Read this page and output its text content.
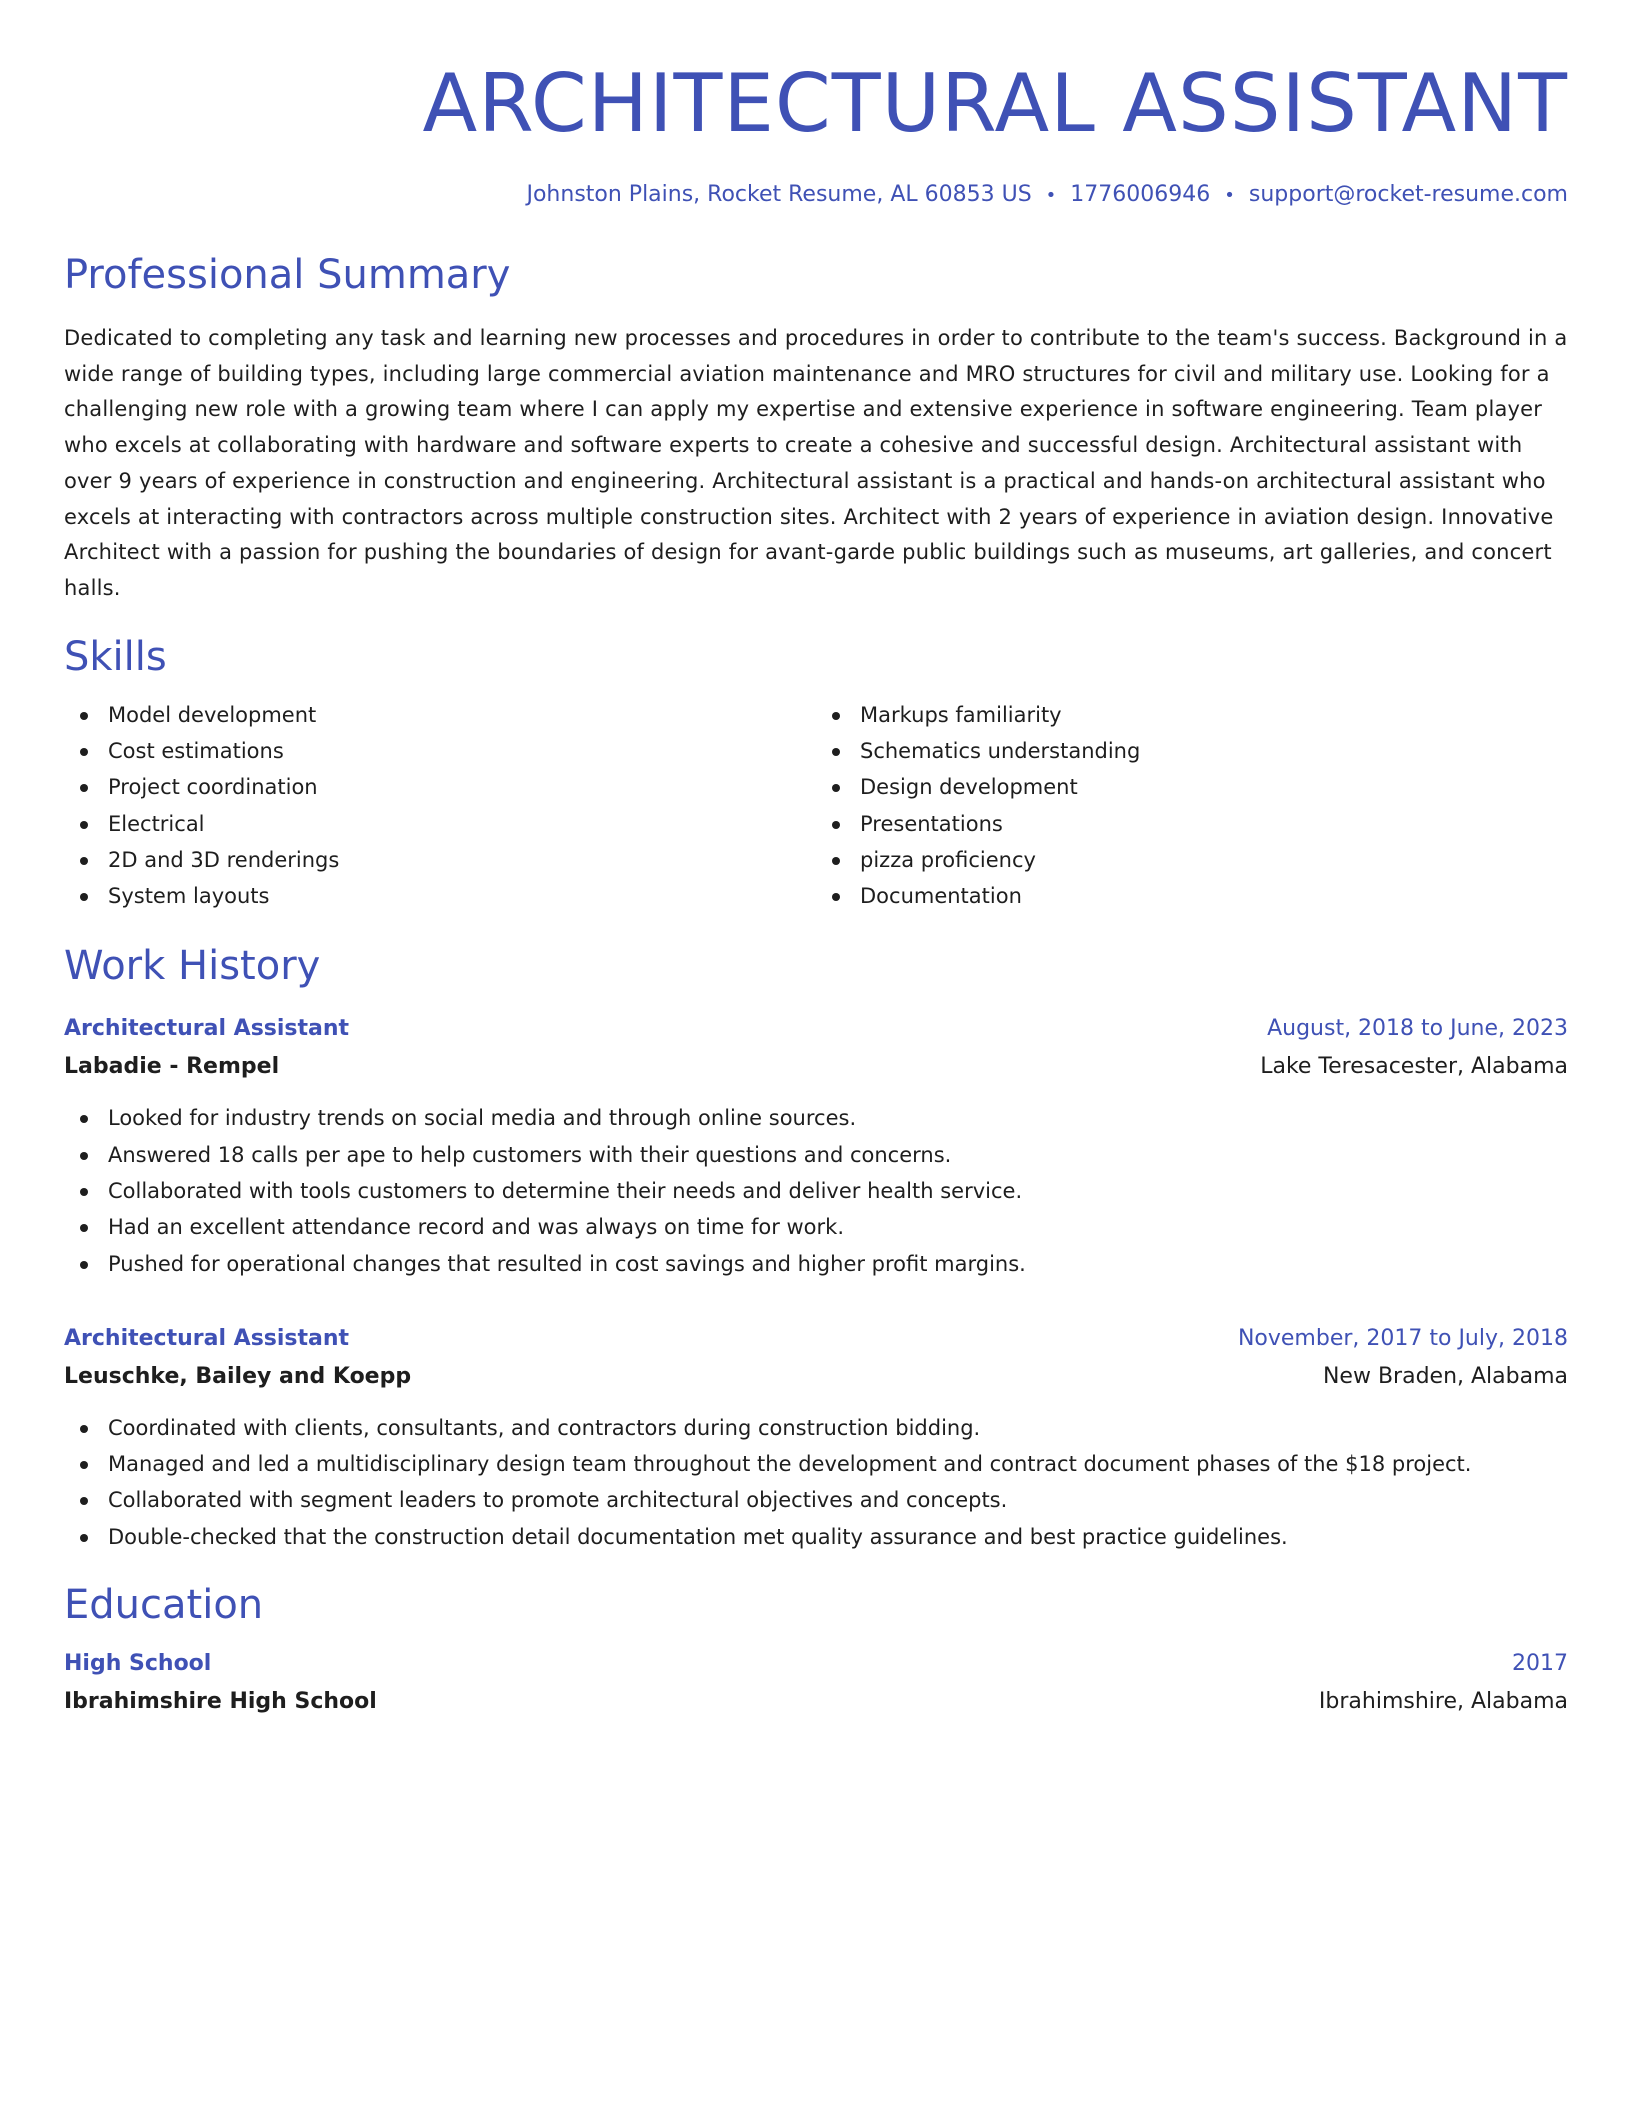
ARCHITECTURAL ASSISTANT
Johnston Plains, Rocket Resume, AL 60853 US • 1776006946 • support@rocket-resume.com
Professional Summary

Dedicated to completing any task and learning new processes and procedures in order to contribute to the team's success. Background in a wide range of building types, including large commercial aviation maintenance and MRO structures for civil and military use. Looking for a challenging new role with a growing team where I can apply my expertise and extensive experience in software engineering. Team player who excels at collaborating with hardware and software experts to create a cohesive and successful design. Architectural assistant with over 9 years of experience in construction and engineering. Architectural assistant is a practical and hands-on architectural assistant who excels at interacting with contractors across multiple construction sites. Architect with 2 years of experience in aviation design. Innovative Architect with a passion for pushing the boundaries of design for avant-garde public buildings such as museums, art galleries, and concert halls.

Skills
Model development
Cost estimations
Project coordination
Electrical
2D and 3D renderings
System layouts
Markups familiarity
Schematics understanding
Design development
Presentations
pizza proficiency
Documentation
Work History
Architectural Assistant	August, 2018 to June, 2023
Labadie - Rempel	Lake Teresacester, Alabama
Looked for industry trends on social media and through online sources.
Answered 18 calls per ape to help customers with their questions and concerns.
Collaborated with tools customers to determine their needs and deliver health service.
Had an excellent attendance record and was always on time for work.
Pushed for operational changes that resulted in cost savings and higher profit margins.
Architectural Assistant	November, 2017 to July, 2018
Leuschke, Bailey and Koepp	New Braden, Alabama
Coordinated with clients, consultants, and contractors during construction bidding.
Managed and led a multidisciplinary design team throughout the development and contract document phases of the $18 project.
Collaborated with segment leaders to promote architectural objectives and concepts.
Double-checked that the construction detail documentation met quality assurance and best practice guidelines.
Education
High School	2017
Ibrahimshire High School	Ibrahimshire, Alabama
